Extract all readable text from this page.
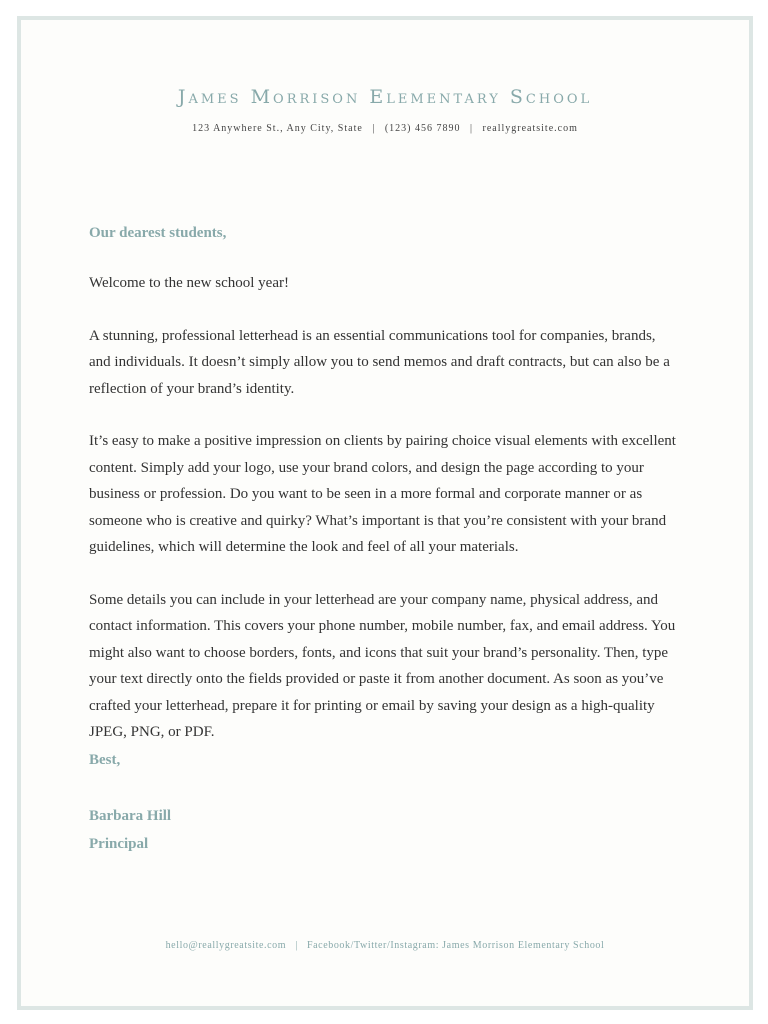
James Morrison Elementary School
123 Anywhere St., Any City, State | (123) 456 7890 | reallygreatsite.com

Our dearest students,

Welcome to the new school year!

A stunning, professional letterhead is an essential communications tool for companies, brands, and individuals. It doesn’t simply allow you to send memos and draft contracts, but can also be a reflection of your brand’s identity.

It’s easy to make a positive impression on clients by pairing choice visual elements with excellent content. Simply add your logo, use your brand colors, and design the page according to your business or profession. Do you want to be seen in a more formal and corporate manner or as someone who is creative and quirky? What’s important is that you’re consistent with your brand guidelines, which will determine the look and feel of all your materials.

Some details you can include in your letterhead are your company name, physical address, and contact information. This covers your phone number, mobile number, fax, and email address. You might also want to choose borders, fonts, and icons that suit your brand’s personality. Then, type your text directly onto the fields provided or paste it from another document. As soon as you’ve crafted your letterhead, prepare it for printing or email by saving your design as a high-quality JPEG, PNG, or PDF.

Best,

Barbara Hill

Principal

hello@reallygreatsite.com | Facebook/Twitter/Instagram: James Morrison Elementary School
